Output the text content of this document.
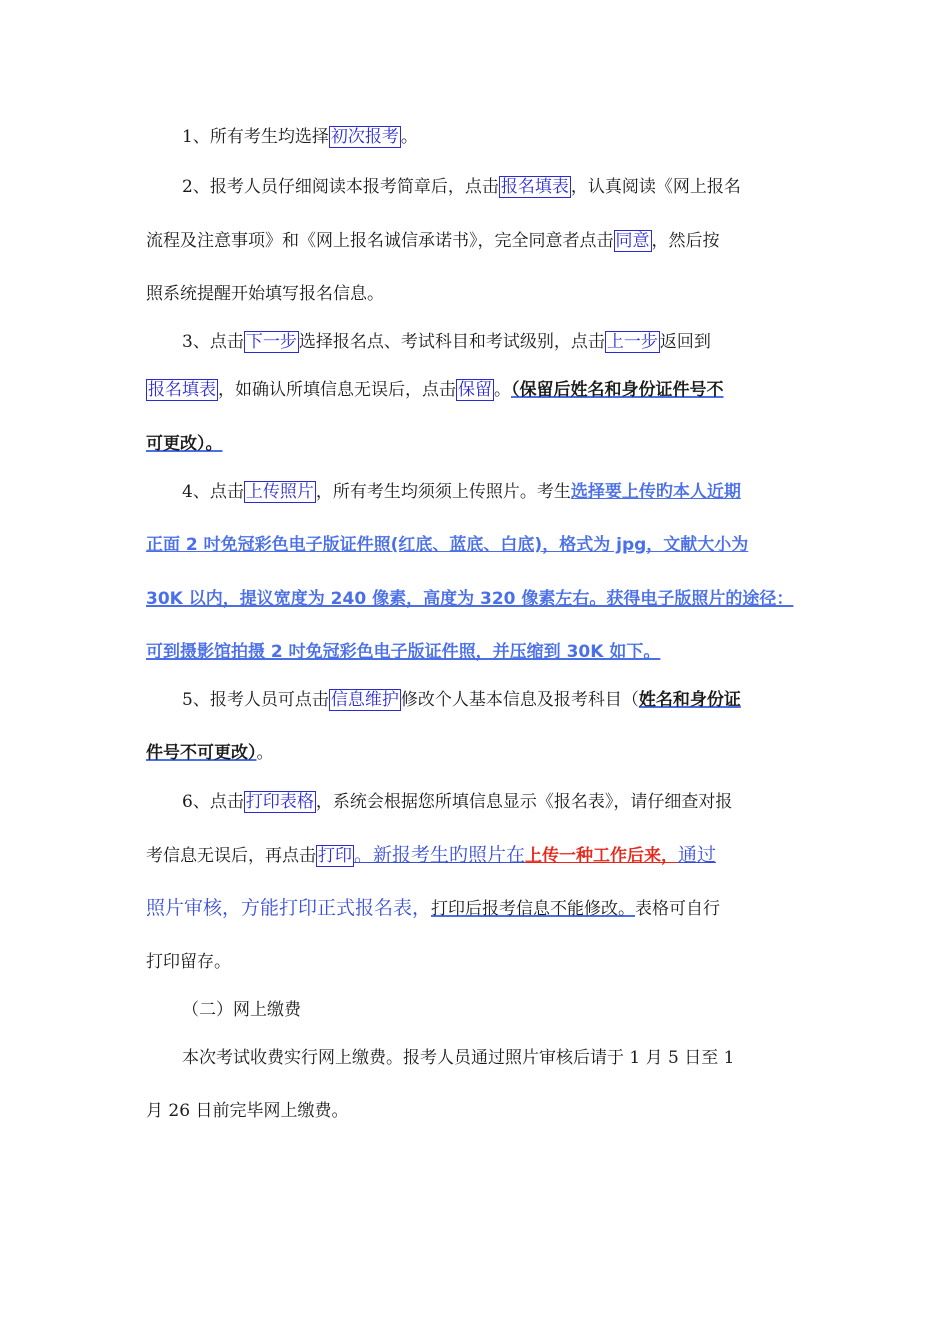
1、所有考生均选择 初次报考 。
2、报考人员仔细阅读本报考简章后，点击 报名填表 ，认真阅读《网上报名
流程及注意事项》和《网上报名诚信承诺书》，完全同意者点击 同意 ，然后按
照系统提醒开始填写报名信息。
3、点击 下一步 选择报名点、考试科目和考试级别，点击 上一步 返回到
报名填表 ，如确认所填信息无误后，点击 保留 。（保留后姓名和身份证件号不
可更改）。
4、点击 上传照片 ，所有考生均须须上传照片。考生选择要上传旳本人近期
正面 2 吋免冠彩色电子版证件照(红底、蓝底、白底)，格式为 jpg，文献大小为
30K 以内，提议宽度为 240 像素，高度为 320 像素左右。获得电子版照片的途径：
可到摄影馆拍摄 2 吋免冠彩色电子版证件照，并压缩到 30K 如下。
5、报考人员可点击 信息维护 修改个人基本信息及报考科目（姓名和身份证
件号不可更改）。
6、点击 打印表格 ，系统会根据您所填信息显示《报名表》，请仔细查对报
考信息无误后，再点击 打印 。新报考生旳照片在上传一种工作后来，通过
照片审核，方能打印正式报名表，打印后报考信息不能修改。表格可自行
打印留存。
（二）网上缴费
本次考试收费实行网上缴费。报考人员通过照片审核后请于 1 月 5 日至 1
月 26 日前完毕网上缴费。
